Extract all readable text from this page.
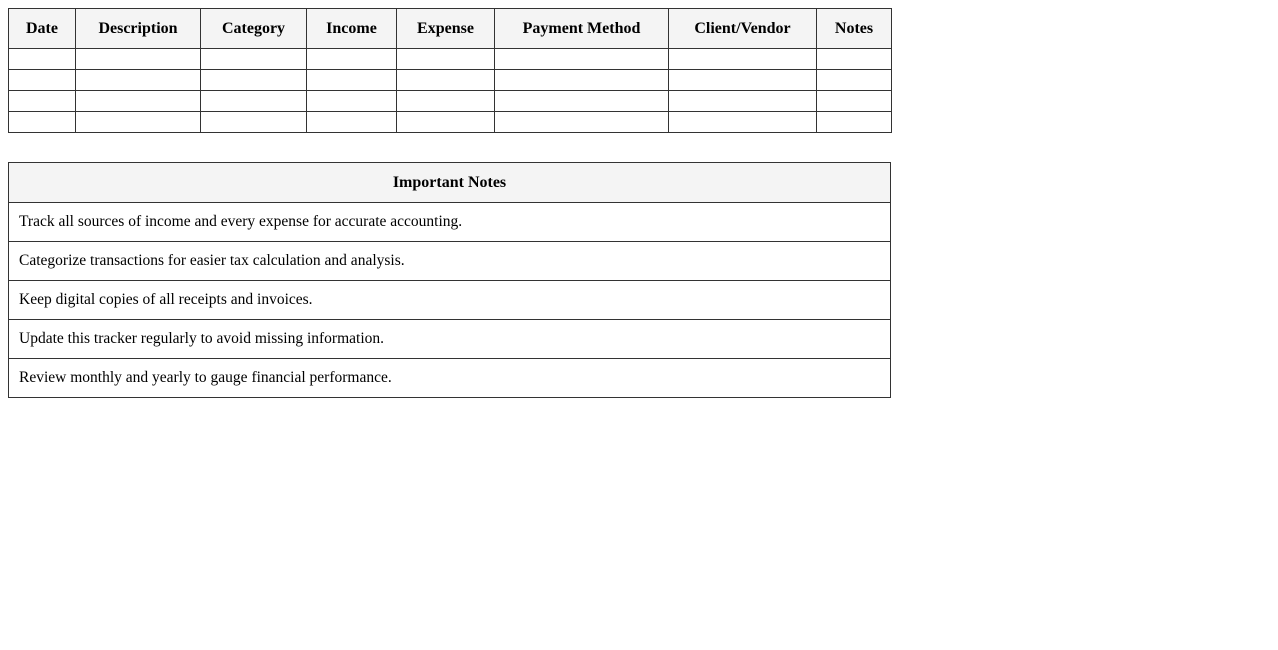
Date	Description	Category	Income	Expense	Payment Method	Client/Vendor	Notes

Important Notes
Track all sources of income and every expense for accurate accounting.
Categorize transactions for easier tax calculation and analysis.
Keep digital copies of all receipts and invoices.
Update this tracker regularly to avoid missing information.
Review monthly and yearly to gauge financial performance.
